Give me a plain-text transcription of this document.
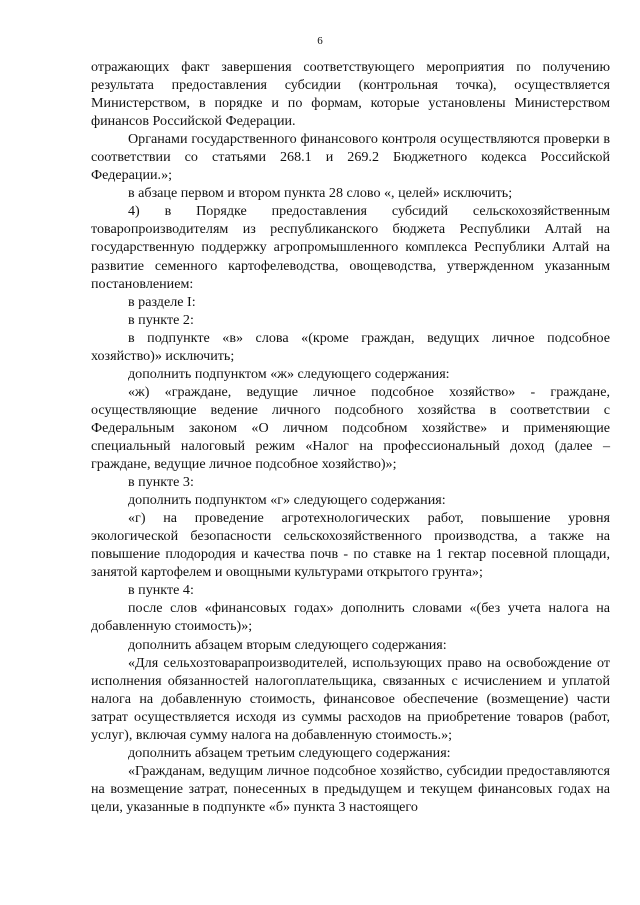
6

отражающих факт завершения соответствующего мероприятия по получению результата предоставления субсидии (контрольная точка), осуществляется Министерством, в порядке и по формам, которые установлены Министерством финансов Российской Федерации.

Органами государственного финансового контроля осуществляются проверки в соответствии со статьями 268.1 и 269.2 Бюджетного кодекса Российской Федерации.»;

в абзаце первом и втором пункта 28 слово «, целей» исключить;

4) в Порядке предоставления субсидий сельскохозяйственным товаропроизводителям из республиканского бюджета Республики Алтай на государственную поддержку агропромышленного комплекса Республики Алтай на развитие семенного картофелеводства, овощеводства, утвержденном указанным постановлением:

в разделе I:

в пункте 2:

в подпункте «в» слова «(кроме граждан, ведущих личное подсобное хозяйство)» исключить;

дополнить подпунктом «ж» следующего содержания:

«ж) «граждане, ведущие личное подсобное хозяйство» - граждане, осуществляющие ведение личного подсобного хозяйства в соответствии с Федеральным законом «О личном подсобном хозяйстве» и применяющие специальный налоговый режим «Налог на профессиональный доход (далее – граждане, ведущие личное подсобное хозяйство)»;

в пункте 3:

дополнить подпунктом «г» следующего содержания:

«г) на проведение агротехнологических работ, повышение уровня экологической безопасности сельскохозяйственного производства, а также на повышение плодородия и качества почв - по ставке на 1 гектар посевной площади, занятой картофелем и овощными культурами открытого грунта»;

в пункте 4:

после слов «финансовых годах» дополнить словами «(без учета налога на добавленную стоимость)»;

дополнить абзацем вторым следующего содержания:

«Для сельхозтоварапроизводителей, использующих право на освобождение от исполнения обязанностей налогоплательщика, связанных с исчислением и уплатой налога на добавленную стоимость, финансовое обеспечение (возмещение) части затрат осуществляется исходя из суммы расходов на приобретение товаров (работ, услуг), включая сумму налога на добавленную стоимость.»;

дополнить абзацем третьим следующего содержания:

«Гражданам, ведущим личное подсобное хозяйство, субсидии предоставляются на возмещение затрат, понесенных в предыдущем и текущем финансовых годах на цели, указанные в подпункте «б» пункта 3 настоящего
